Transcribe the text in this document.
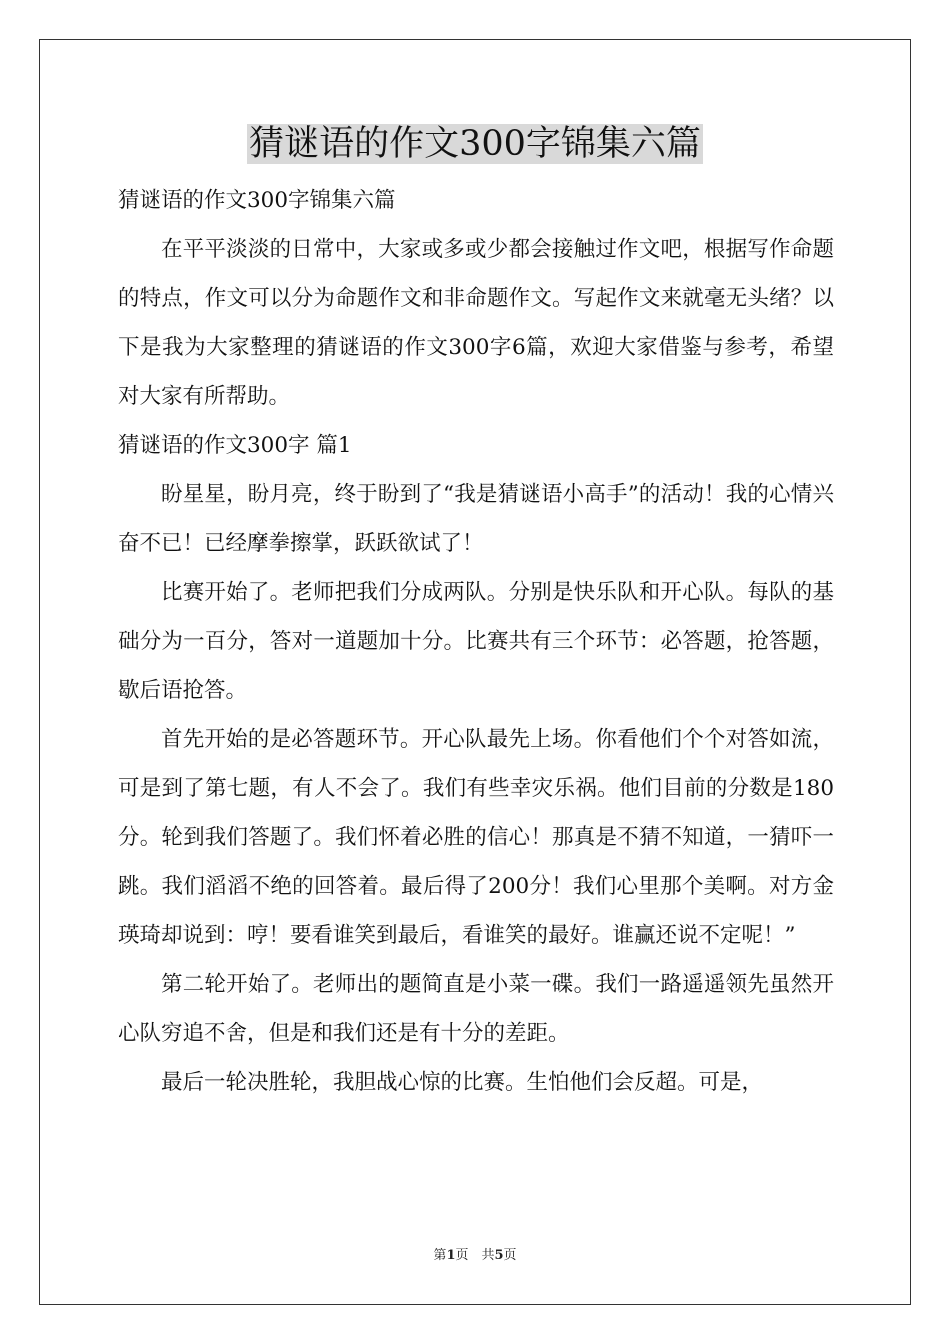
猜谜语的作文300字锦集六篇

猜谜语的作文300字锦集六篇

在平平淡淡的日常中，大家或多或少都会接触过作文吧，根据写作命题的特点，作文可以分为命题作文和非命题作文。写起作文来就毫无头绪？以下是我为大家整理的猜谜语的作文300字6篇，欢迎大家借鉴与参考，希望对大家有所帮助。

猜谜语的作文300字 篇1

盼星星，盼月亮，终于盼到了“我是猜谜语小高手”的活动！我的心情兴奋不已！已经摩拳擦掌，跃跃欲试了！

比赛开始了。老师把我们分成两队。分别是快乐队和开心队。每队的基础分为一百分，答对一道题加十分。比赛共有三个环节：必答题，抢答题，歇后语抢答。

首先开始的是必答题环节。开心队最先上场。你看他们个个对答如流，可是到了第七题，有人不会了。我们有些幸灾乐祸。他们目前的分数是180分。轮到我们答题了。我们怀着必胜的信心！那真是不猜不知道，一猜吓一跳。我们滔滔不绝的回答着。最后得了200分！我们心里那个美啊。对方金瑛琦却说到：哼！要看谁笑到最后，看谁笑的最好。谁赢还说不定呢！”

第二轮开始了。老师出的题简直是小菜一碟。我们一路遥遥领先虽然开心队穷追不舍，但是和我们还是有十分的差距。

最后一轮决胜轮，我胆战心惊的比赛。生怕他们会反超。可是，

第1页　共5页
